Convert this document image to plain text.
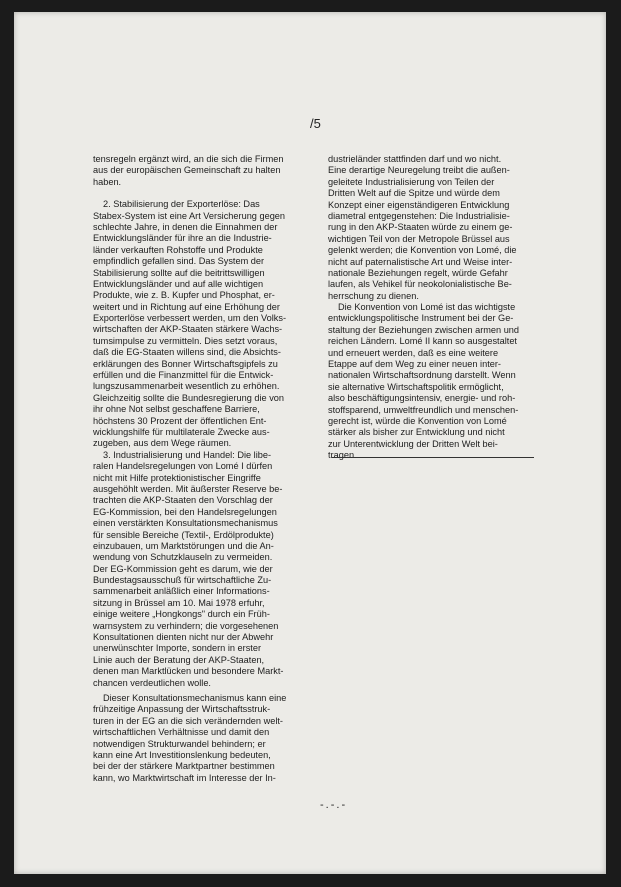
/5
tensregeln ergänzt wird, an die sich die Firmen
aus der europäischen Gemeinschaft zu halten
haben.
2. Stabilisierung der Exporterlöse: Das
Stabex-System ist eine Art Versicherung gegen
schlechte Jahre, in denen die Einnahmen der
Entwicklungsländer für ihre an die Industrie-
länder verkauften Rohstoffe und Produkte
empfindlich gefallen sind. Das System der
Stabilisierung sollte auf die beitrittswilligen
Entwicklungsländer und auf alle wichtigen
Produkte, wie z. B. Kupfer und Phosphat, er-
weitert und in Richtung auf eine Erhöhung der
Exporterlöse verbessert werden, um den Volks-
wirtschaften der AKP-Staaten stärkere Wachs-
tumsimpulse zu vermitteln. Dies setzt voraus,
daß die EG-Staaten willens sind, die Absichts-
erklärungen des Bonner Wirtschaftsgipfels zu
erfüllen und die Finanzmittel für die Entwick-
lungszusammenarbeit wesentlich zu erhöhen.
Gleichzeitig sollte die Bundesregierung die von
ihr ohne Not selbst geschaffene Barriere,
höchstens 30 Prozent der öffentlichen Ent-
wicklungshilfe für multilaterale Zwecke aus-
zugeben, aus dem Wege räumen.
3. Industrialisierung und Handel: Die libe-
ralen Handelsregelungen von Lomé I dürfen
nicht mit Hilfe protektionistischer Eingriffe
ausgehöhlt werden. Mit äußerster Reserve be-
trachten die AKP-Staaten den Vorschlag der
EG-Kommission, bei den Handelsregelungen
einen verstärkten Konsultationsmechanismus
für sensible Bereiche (Textil-, Erdölprodukte)
einzubauen, um Marktstörungen und die An-
wendung von Schutzklauseln zu vermeiden.
Der EG-Kommission geht es darum, wie der
Bundestagsausschuß für wirtschaftliche Zu-
sammenarbeit anläßlich einer Informations-
sitzung in Brüssel am 10. Mai 1978 erfuhr,
einige weitere „Hongkongs" durch ein Früh-
warnsystem zu verhindern; die vorgesehenen
Konsultationen dienten nicht nur der Abwehr
unerwünschter Importe, sondern in erster
Linie auch der Beratung der AKP-Staaten,
denen man Marktlücken und besondere Markt-
chancen verdeutlichen wolle.
Dieser Konsultationsmechanismus kann eine
frühzeitige Anpassung der Wirtschaftsstruk-
turen in der EG an die sich verändernden welt-
wirtschaftlichen Verhältnisse und damit den
notwendigen Strukturwandel behindern; er
kann eine Art Investitionslenkung bedeuten,
bei der der stärkere Marktpartner bestimmen
kann, wo Marktwirtschaft im Interesse der In-
dustrieländer stattfinden darf und wo nicht.
Eine derartige Neuregelung treibt die außen-
geleitete Industrialisierung von Teilen der
Dritten Welt auf die Spitze und würde dem
Konzept einer eigenständigeren Entwicklung
diametral entgegenstehen: Die Industrialisie-
rung in den AKP-Staaten würde zu einem ge-
wichtigen Teil von der Metropole Brüssel aus
gelenkt werden; die Konvention von Lomé, die
nicht auf paternalistische Art und Weise inter-
nationale Beziehungen regelt, würde Gefahr
laufen, als Vehikel für neokolonialistische Be-
herrschung zu dienen.
Die Konvention von Lomé ist das wichtigste
entwicklungspolitische Instrument bei der Ge-
staltung der Beziehungen zwischen armen und
reichen Ländern. Lomé II kann so ausgestaltet
und erneuert werden, daß es eine weitere
Etappe auf dem Weg zu einer neuen inter-
nationalen Wirtschaftsordnung darstellt. Wenn
sie alternative Wirtschaftspolitik ermöglicht,
also beschäftigungsintensiv, energie- und roh-
stoffsparend, umweltfreundlich und menschen-
gerecht ist, würde die Konvention von Lomé
stärker als bisher zur Entwicklung und nicht
zur Unterentwicklung der Dritten Welt bei-
tragen.
-.-.-
